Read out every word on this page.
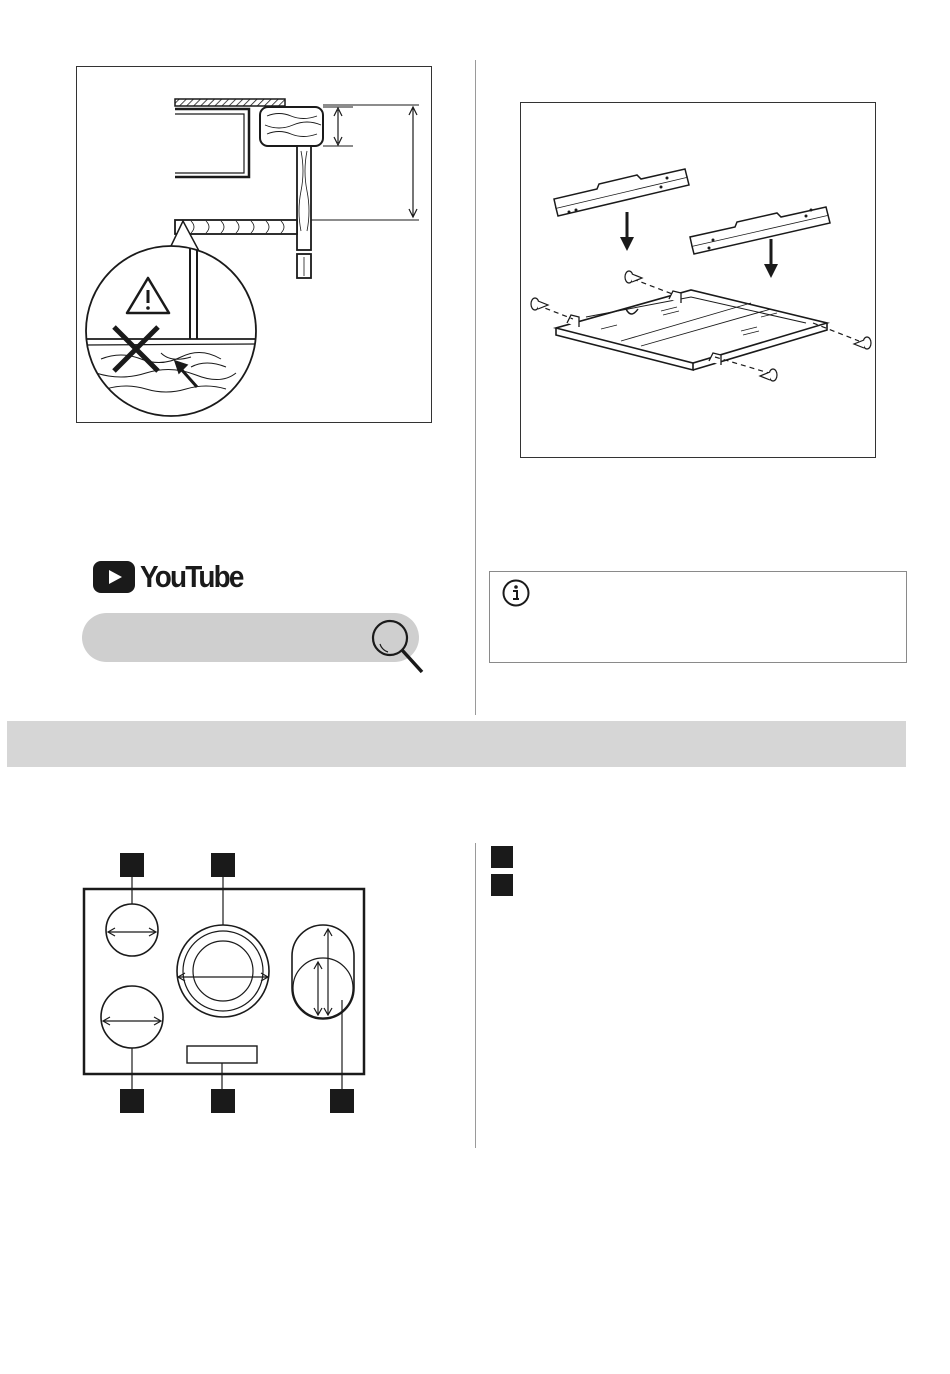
YouTube
